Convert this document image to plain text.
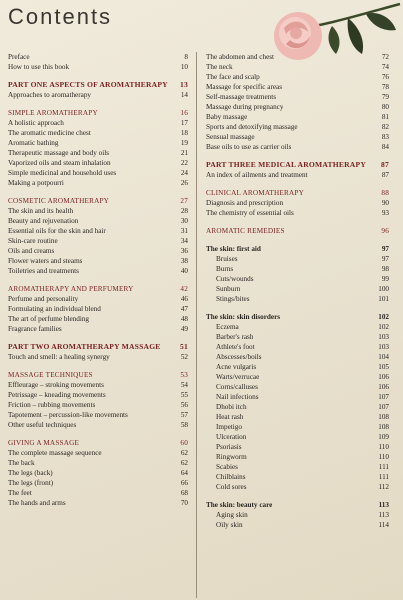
Contents
Preface	8
How to use this book	10
PART ONE ASPECTS OF AROMATHERAPY	13
Approaches to aromatherapy	14
SIMPLE AROMATHERAPY	16
A holistic approach	17
The aromatic medicine chest	18
Aromatic bathing	19
Therapeutic massage and body oils	21
Vaporized oils and steam inhalation	22
Simple medicinal and household uses	24
Making a potpourri	26
COSMETIC AROMATHERAPY	27
The skin and its health	28
Beauty and rejuvenation	30
Essential oils for the skin and hair	31
Skin-care routine	34
Oils and creams	36
Flower waters and steams	38
Toiletries and treatments	40
AROMATHERAPY AND PERFUMERY	42
Perfume and personality	46
Formulating an individual blend	47
The art of perfume blending	48
Fragrance families	49
PART TWO AROMATHERAPY MASSAGE	51
Touch and smell: a healing synergy	52
MASSAGE TECHNIQUES	53
Effleurage – stroking movements	54
Petrissage – kneading movements	55
Friction – rubbing movements	56
Tapotement – percussion-like movements	57
Other useful techniques	58
GIVING A MASSAGE	60
The complete massage sequence	62
The back	62
The legs (back)	64
The legs (front)	66
The feet	68
The hands and arms	70
The abdomen and chest	72
The neck	74
The face and scalp	76
Massage for specific areas	78
Self-massage treatments	79
Massage during pregnancy	80
Baby massage	81
Sports and detoxifying massage	82
Sensual massage	83
Base oils to use as carrier oils	84
PART THREE MEDICAL AROMATHERAPY	87
An index of ailments and treatment	87
CLINICAL AROMATHERAPY	88
Diagnosis and prescription	90
The chemistry of essential oils	93
AROMATIC REMEDIES	96
The skin: first aid	97
Bruises	97
Burns	98
Cuts/wounds	99
Sunburn	100
Stings/bites	101
The skin: skin disorders	102
Eczema	102
Barber's rash	103
Athlete's foot	103
Abscesses/boils	104
Acne vulgaris	105
Warts/verrucae	106
Corns/calluses	106
Nail infections	107
Dhobi itch	107
Heat rash	108
Impetigo	108
Ulceration	109
Psoriasis	110
Ringworm	110
Scabies	111
Chilblains	111
Cold sores	112
The skin: beauty care	113
Aging skin	113
Oily skin	114
